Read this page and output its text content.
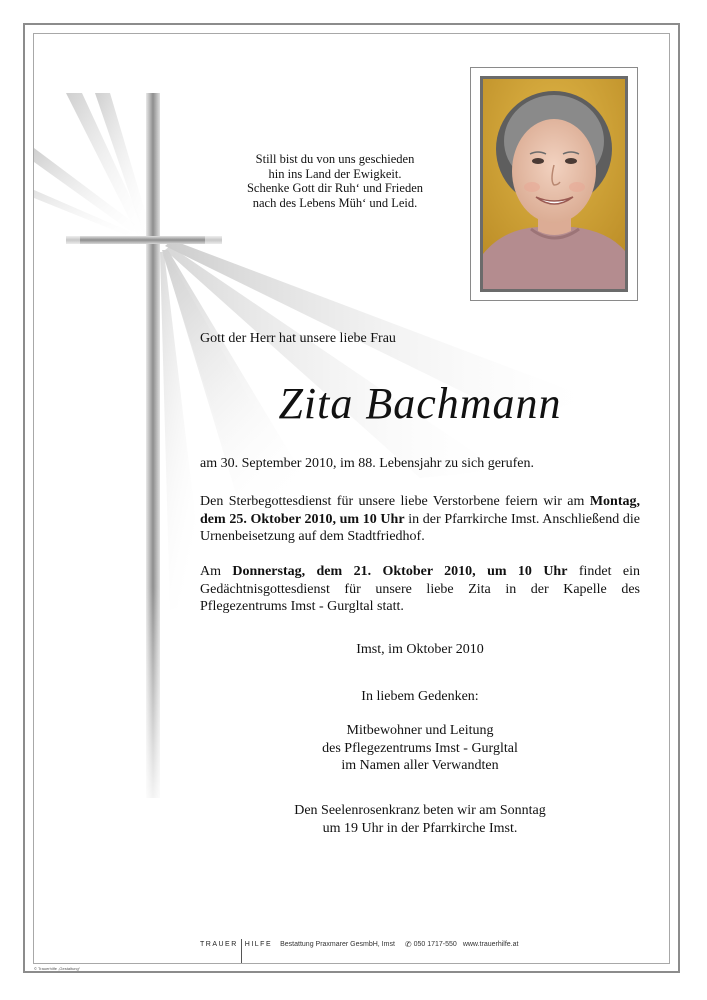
Still bist du von uns geschieden
hin ins Land der Ewigkeit.
Schenke Gott dir Ruh‘ und Frieden
nach des Lebens Müh‘ und Leid.
Gott der Herr hat unsere liebe Frau
Zita Bachmann
am 30. September 2010, im 88. Lebensjahr zu sich gerufen.
Den Sterbegottesdienst für unsere liebe Verstorbene feiern wir am Montag, dem 25. Oktober 2010, um 10 Uhr in der Pfarrkirche Imst. Anschließend die Urnenbeisetzung auf dem Stadtfriedhof.
Am Donnerstag, dem 21. Oktober 2010, um 10 Uhr findet ein Gedächtnisgottesdienst für unsere liebe Zita in der Kapelle des Pflegezentrums Imst - Gurgltal statt.
Imst, im Oktober 2010
In liebem Gedenken:
Mitbewohner und Leitung
des Pflegezentrums Imst - Gurgltal
im Namen aller Verwandten
Den Seelenrosenkranz beten wir am Sonntag
um 19 Uhr in der Pfarrkirche Imst.
TRAUER HILFE Bestattung Praxmarer GesmbH, Imst ✆ 050 1717-550 www.trauerhilfe.at
© Trauerhilfe „Gestaltung“
